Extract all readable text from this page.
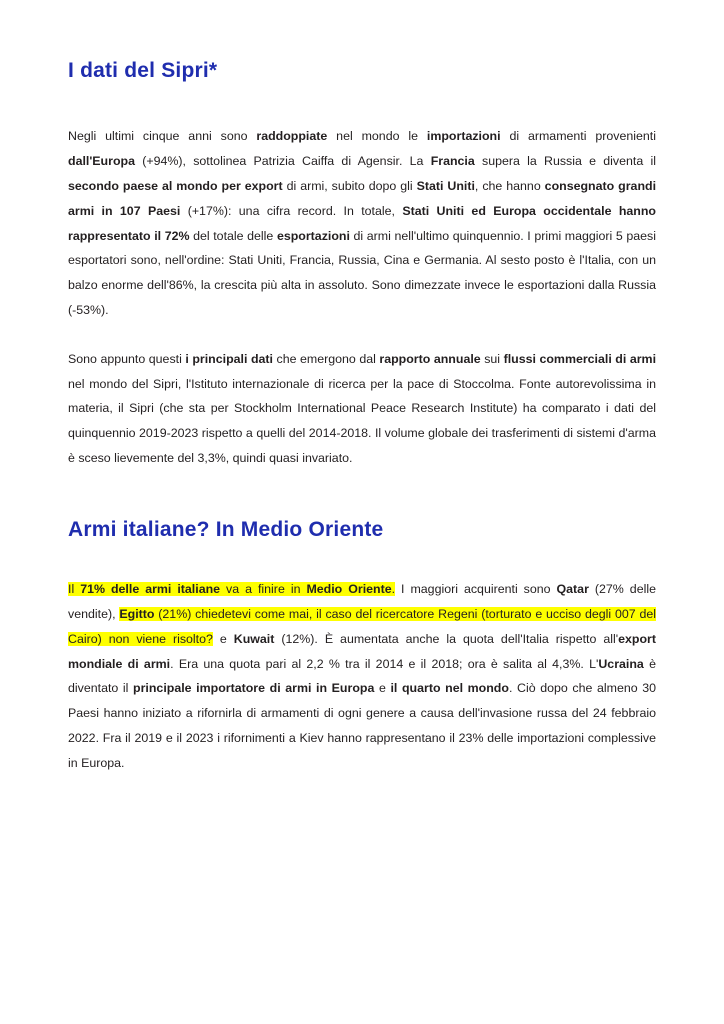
I dati del Sipri*

Negli ultimi cinque anni sono raddoppiate nel mondo le importazioni di armamenti provenienti dall'Europa (+94%), sottolinea Patrizia Caiffa di Agensir. La Francia supera la Russia e diventa il secondo paese al mondo per export di armi, subito dopo gli Stati Uniti, che hanno consegnato grandi armi in 107 Paesi (+17%): una cifra record. In totale, Stati Uniti ed Europa occidentale hanno rappresentato il 72% del totale delle esportazioni di armi nell'ultimo quinquennio. I primi maggiori 5 paesi esportatori sono, nell'ordine: Stati Uniti, Francia, Russia, Cina e Germania. Al sesto posto è l'Italia, con un balzo enorme dell'86%, la crescita più alta in assoluto. Sono dimezzate invece le esportazioni dalla Russia (-53%).

Sono appunto questi i principali dati che emergono dal rapporto annuale sui flussi commerciali di armi nel mondo del Sipri, l'Istituto internazionale di ricerca per la pace di Stoccolma. Fonte autorevolissima in materia, il Sipri (che sta per Stockholm International Peace Research Institute) ha comparato i dati del quinquennio 2019-2023 rispetto a quelli del 2014-2018. Il volume globale dei trasferimenti di sistemi d'arma è sceso lievemente del 3,3%, quindi quasi invariato.

Armi italiane? In Medio Oriente

Il 71% delle armi italiane va a finire in Medio Oriente. I maggiori acquirenti sono Qatar (27% delle vendite), Egitto (21%) chiedetevi come mai, il caso del ricercatore Regeni (torturato e ucciso degli 007 del Cairo) non viene risolto? e Kuwait (12%). È aumentata anche la quota dell'Italia rispetto all'export mondiale di armi. Era una quota pari al 2,2 % tra il 2014 e il 2018; ora è salita al 4,3%. L'Ucraina è diventato il principale importatore di armi in Europa e il quarto nel mondo. Ciò dopo che almeno 30 Paesi hanno iniziato a rifornirla di armamenti di ogni genere a causa dell'invasione russa del 24 febbraio 2022. Fra il 2019 e il 2023 i rifornimenti a Kiev hanno rappresentano il 23% delle importazioni complessive in Europa.
